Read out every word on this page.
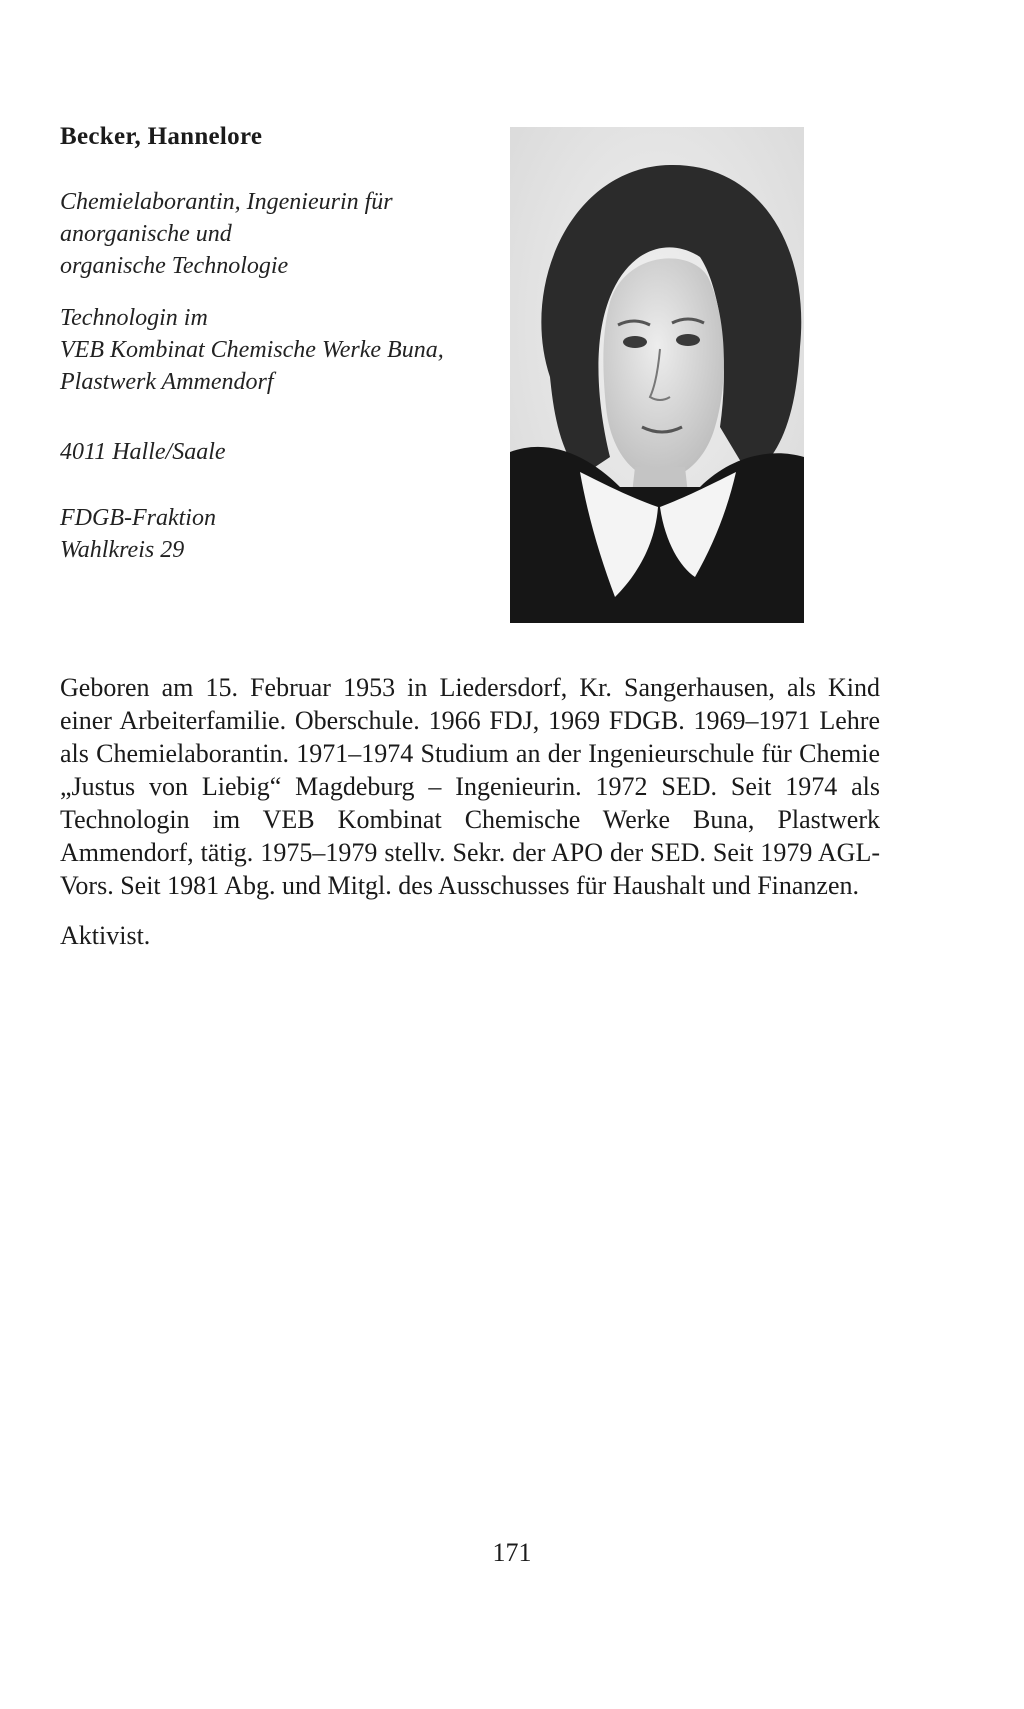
Becker, Hannelore
Chemielaborantin, Ingenieurin für
anorganische und
organische Technologie
Technologin im
VEB Kombinat Chemische Werke Buna,
Plastwerk Ammendorf
4011 Halle/Saale
FDGB-Fraktion
Wahlkreis 29

Geboren am 15. Februar 1953 in Liedersdorf, Kr. Sangerhausen, als Kind einer Arbeiterfamilie. Oberschule. 1966 FDJ, 1969 FDGB. 1969–1971 Lehre als Chemielaborantin. 1971–1974 Studium an der Ingenieurschule für Chemie „Justus von Liebig“ Magdeburg – Ingenieurin. 1972 SED. Seit 1974 als Technologin im VEB Kombinat Chemische Werke Buna, Plastwerk Ammendorf, tätig. 1975–1979 stellv. Sekr. der APO der SED. Seit 1979 AGL-Vors. Seit 1981 Abg. und Mitgl. des Ausschusses für Haushalt und Finanzen.

Aktivist.
171
